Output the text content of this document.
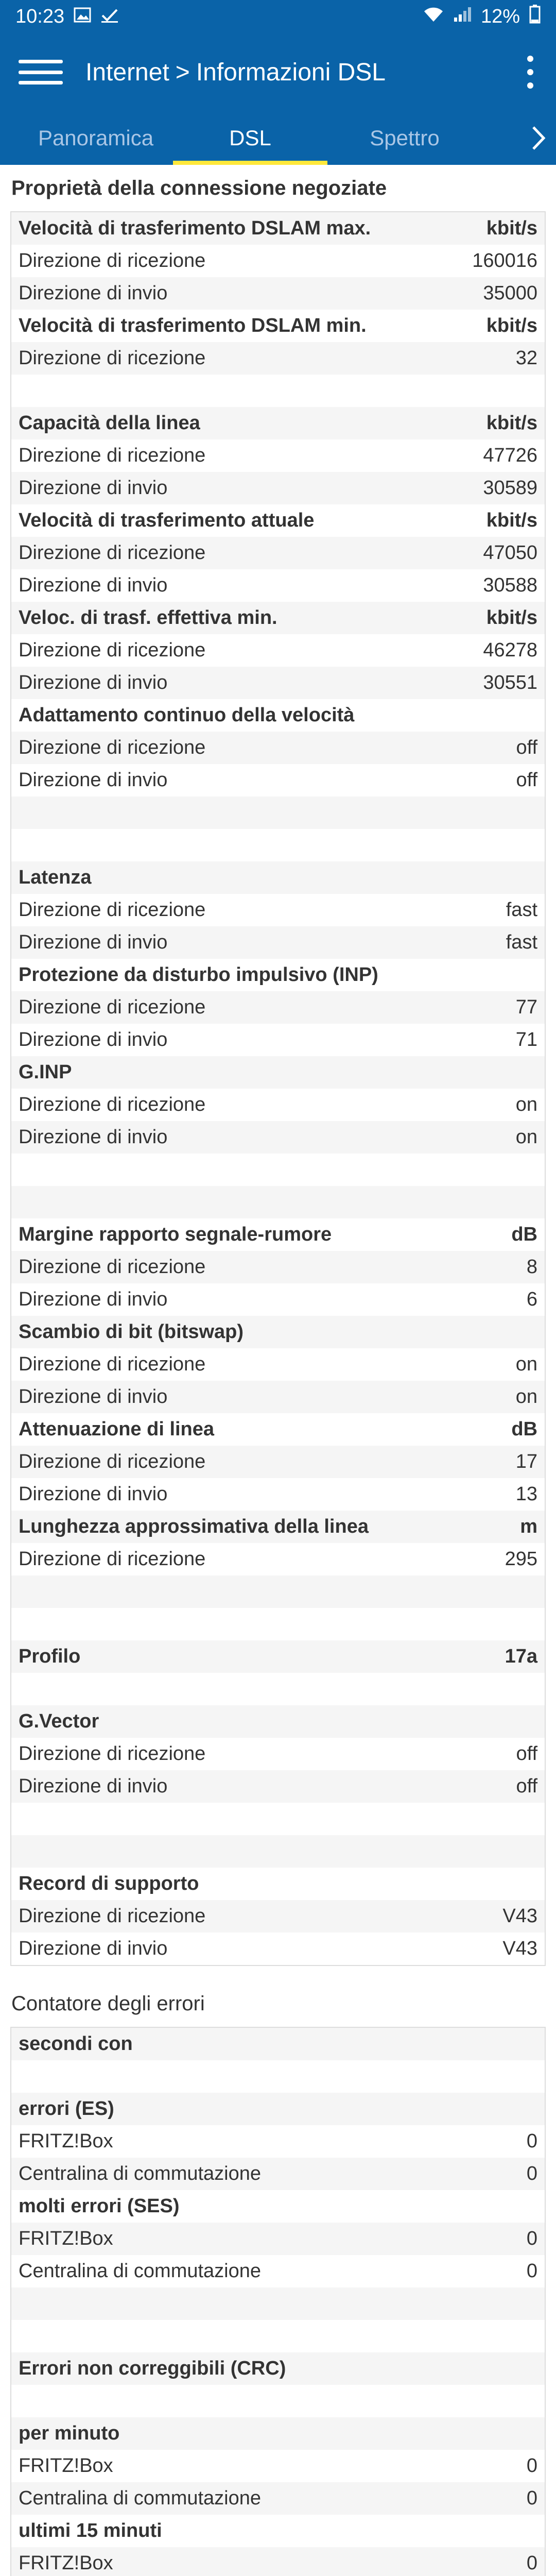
10:23	12%
Internet > Informazioni DSL
Panoramica	DSL	Spettro
Proprietà della connessione negoziate
Velocità di trasferimento DSLAM max.	kbit/s
Direzione di ricezione	160016
Direzione di invio	35000
Velocità di trasferimento DSLAM min.	kbit/s
Direzione di ricezione	32
Capacità della linea	kbit/s
Direzione di ricezione	47726
Direzione di invio	30589
Velocità di trasferimento attuale	kbit/s
Direzione di ricezione	47050
Direzione di invio	30588
Veloc. di trasf. effettiva min.	kbit/s
Direzione di ricezione	46278
Direzione di invio	30551
Adattamento continuo della velocità
Direzione di ricezione	off
Direzione di invio	off
Latenza
Direzione di ricezione	fast
Direzione di invio	fast
Protezione da disturbo impulsivo (INP)
Direzione di ricezione	77
Direzione di invio	71
G.INP
Direzione di ricezione	on
Direzione di invio	on
Margine rapporto segnale-rumore	dB
Direzione di ricezione	8
Direzione di invio	6
Scambio di bit (bitswap)
Direzione di ricezione	on
Direzione di invio	on
Attenuazione di linea	dB
Direzione di ricezione	17
Direzione di invio	13
Lunghezza approssimativa della linea	m
Direzione di ricezione	295
Profilo	17a
G.Vector
Direzione di ricezione	off
Direzione di invio	off
Record di supporto
Direzione di ricezione	V43
Direzione di invio	V43
Contatore degli errori
secondi con
errori (ES)
FRITZ!Box	0
Centralina di commutazione	0
molti errori (SES)
FRITZ!Box	0
Centralina di commutazione	0
Errori non correggibili (CRC)
per minuto
FRITZ!Box	0
Centralina di commutazione	0
ultimi 15 minuti
FRITZ!Box	0
